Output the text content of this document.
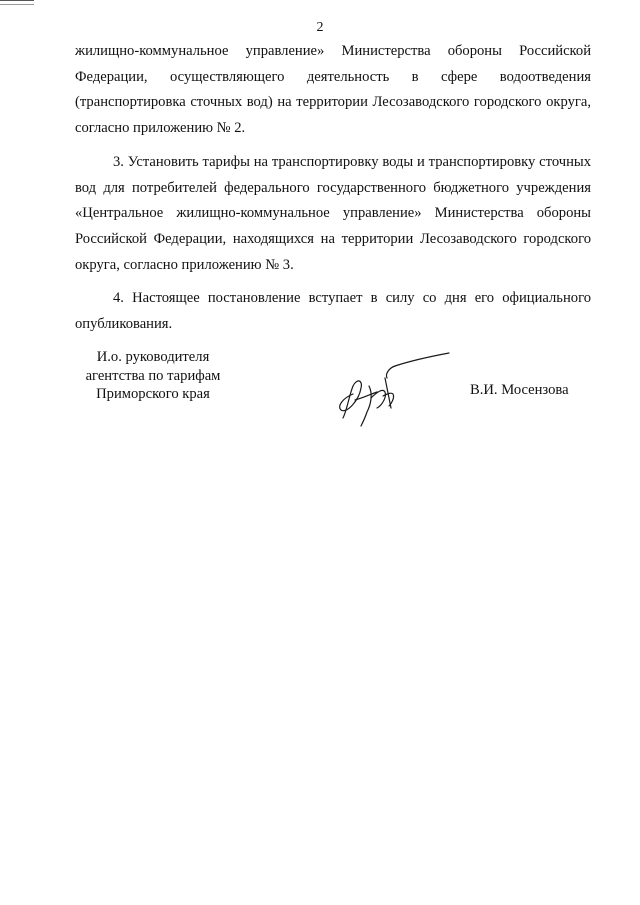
2

жилищно-коммунальное управление» Министерства обороны Российской Федерации, осуществляющего деятельность в сфере водоотведения (транспортировка сточных вод) на территории Лесозаводского городского округа, согласно приложению № 2.

3. Установить тарифы на транспортировку воды и транспортировку сточных вод для потребителей федерального государственного бюджетного учреждения «Центральное жилищно-коммунальное управление» Министерства обороны Российской Федерации, находящихся на территории Лесозаводского городского округа, согласно приложению № 3.

4. Настоящее постановление вступает в силу со дня его официального опубликования.

И.о. руководителя
агентства по тарифам
Приморского края	В.И. Мосензова
